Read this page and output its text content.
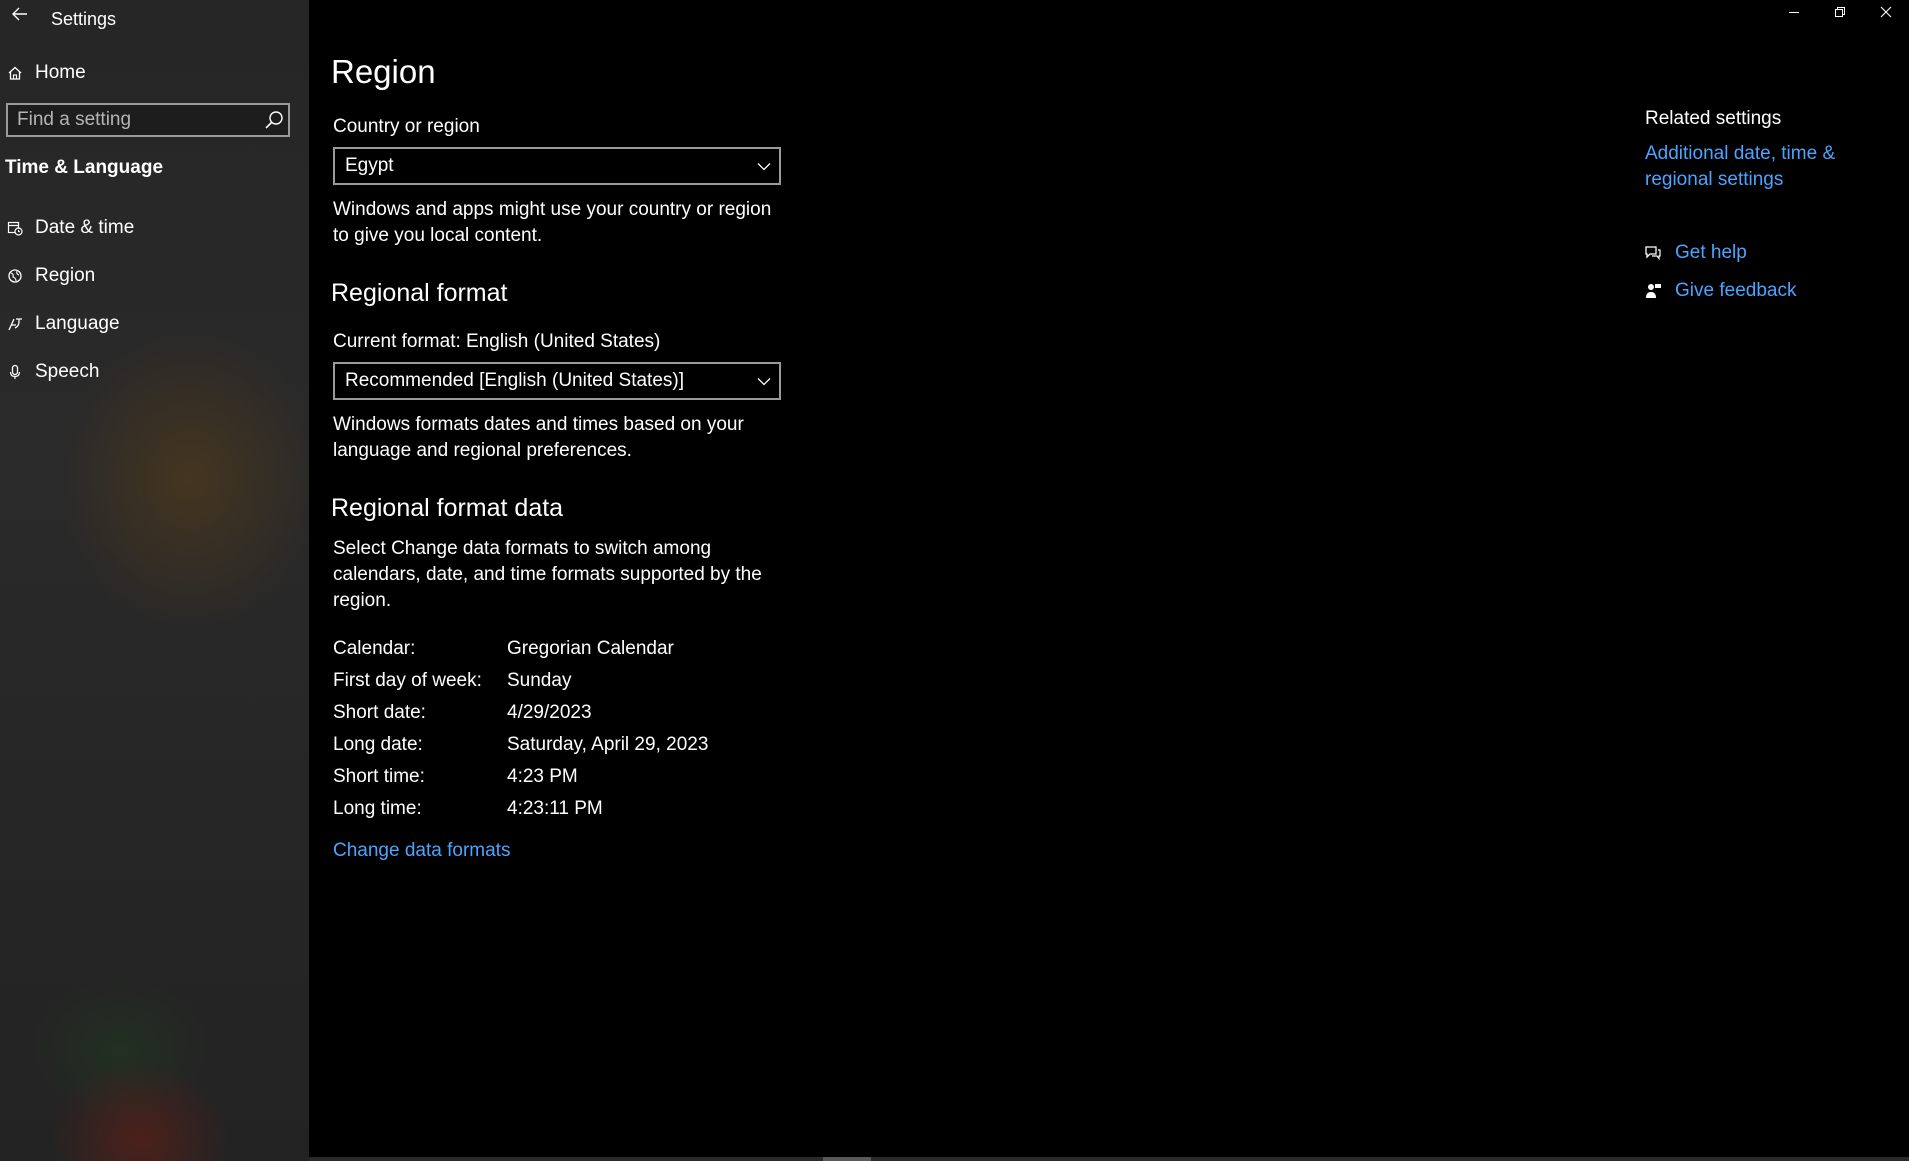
Settings
Home
Find a setting
Time & Language
Date & time
Region
Language
Speech
Region
Country or region
Egypt
Windows and apps might use your country or region to give you local content.
Regional format
Current format: English (United States)
Recommended [English (United States)]
Windows formats dates and times based on your language and regional preferences.
Regional format data
Select Change data formats to switch among calendars, date, and time formats supported by the region.
Calendar:	Gregorian Calendar
First day of week: Sunday
Short date:	4/29/2023
Long date:	Saturday, April 29, 2023
Short time:	4:23 PM
Long time:	4:23:11 PM
Change data formats
Related settings
Additional date, time & regional settings
Get help
Give feedback
